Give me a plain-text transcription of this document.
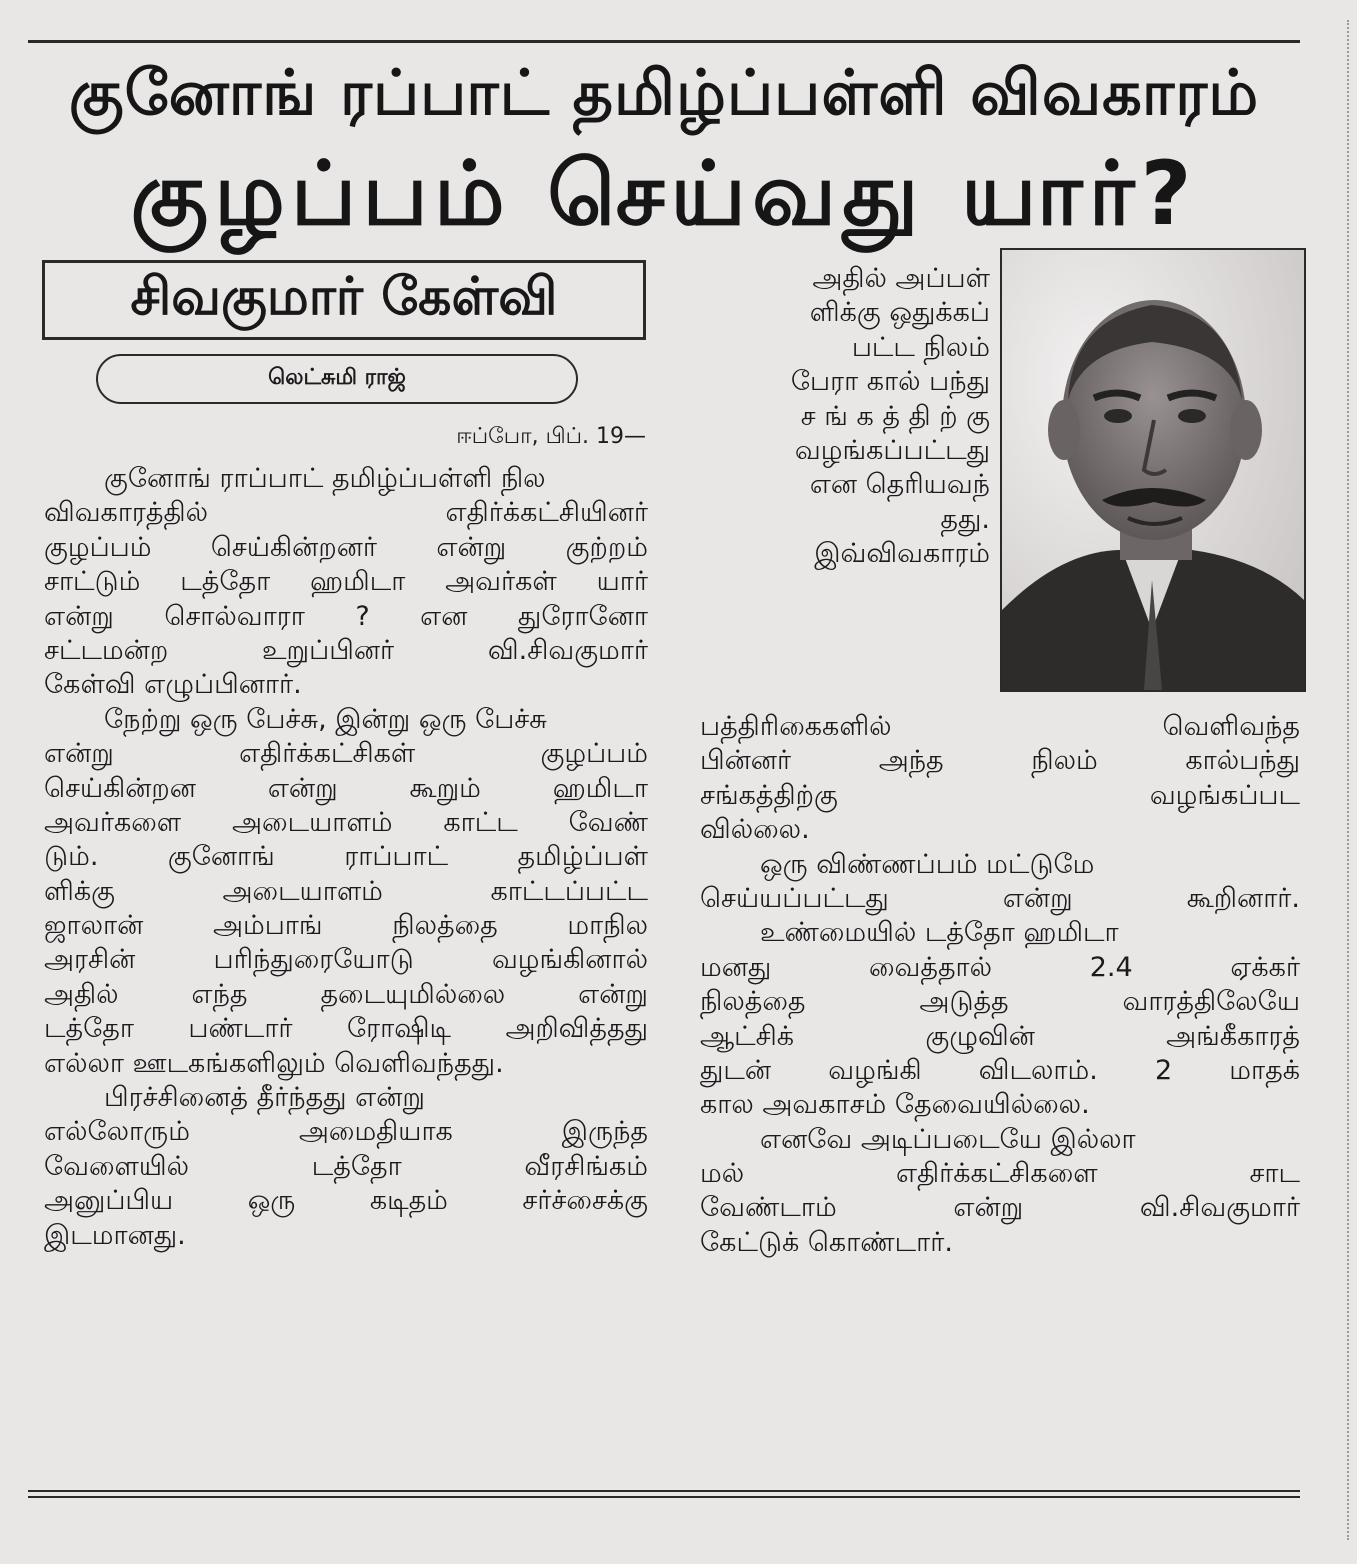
குனோங் ரப்பாட் தமிழ்ப்பள்ளி விவகாரம்
குழப்பம் செய்வது யார்?
சிவகுமார் கேள்வி
லெட்சுமி ராஜ்
ஈப்போ, பிப். 19—
குனோங் ராப்பாட் தமிழ்ப்பள்ளி நில
விவகாரத்தில் எதிர்க்கட்சியினர்
குழப்பம் செய்கின்றனர் என்று குற்றம்
சாட்டும் டத்தோ ஹமிடா அவர்கள் யார்
என்று சொல்வாரா ? என துரோனோ
சட்டமன்ற உறுப்பினர் வி.சிவகுமார்
கேள்வி எழுப்பினார்.
நேற்று ஒரு பேச்சு, இன்று ஒரு பேச்சு
என்று எதிர்க்கட்சிகள் குழப்பம்
செய்கின்றன என்று கூறும் ஹமிடா
அவர்களை அடையாளம் காட்ட வேண்
டும். குனோங் ராப்பாட் தமிழ்ப்பள்
ளிக்கு அடையாளம் காட்டப்பட்ட
ஜாலான் அம்பாங் நிலத்தை மாநில
அரசின் பரிந்துரையோடு வழங்கினால்
அதில் எந்த தடையுமில்லை என்று
டத்தோ பண்டார் ரோஷிடி அறிவித்தது
எல்லா ஊடகங்களிலும் வெளிவந்தது.
பிரச்சினைத் தீர்ந்தது என்று
எல்லோரும் அமைதியாக இருந்த
வேளையில் டத்தோ வீரசிங்கம்
அனுப்பிய ஒரு கடிதம் சர்ச்சைக்கு
இடமானது.
அதில் அப்பள்
ளிக்கு ஒதுக்கப்
பட்ட நிலம்
பேரா கால் பந்து
ச ங் க த் தி ற் கு
வழங்கப்பட்டது
என தெரியவந்
தது.
இவ்விவகாரம்
பத்திரிகைகளில் வெளிவந்த
பின்னர் அந்த நிலம் கால்பந்து
சங்கத்திற்கு வழங்கப்பட
வில்லை.
ஒரு விண்ணப்பம் மட்டுமே
செய்யப்பட்டது என்று கூறினார்.
உண்மையில் டத்தோ ஹமிடா
மனது வைத்தால் 2.4 ஏக்கர்
நிலத்தை அடுத்த வாரத்திலேயே
ஆட்சிக் குழுவின் அங்கீகாரத்
துடன் வழங்கி விடலாம். 2 மாதக்
கால அவகாசம் தேவையில்லை.
எனவே அடிப்படையே இல்லா
மல் எதிர்க்கட்சிகளை சாட
வேண்டாம் என்று வி.சிவகுமார்
கேட்டுக் கொண்டார்.
